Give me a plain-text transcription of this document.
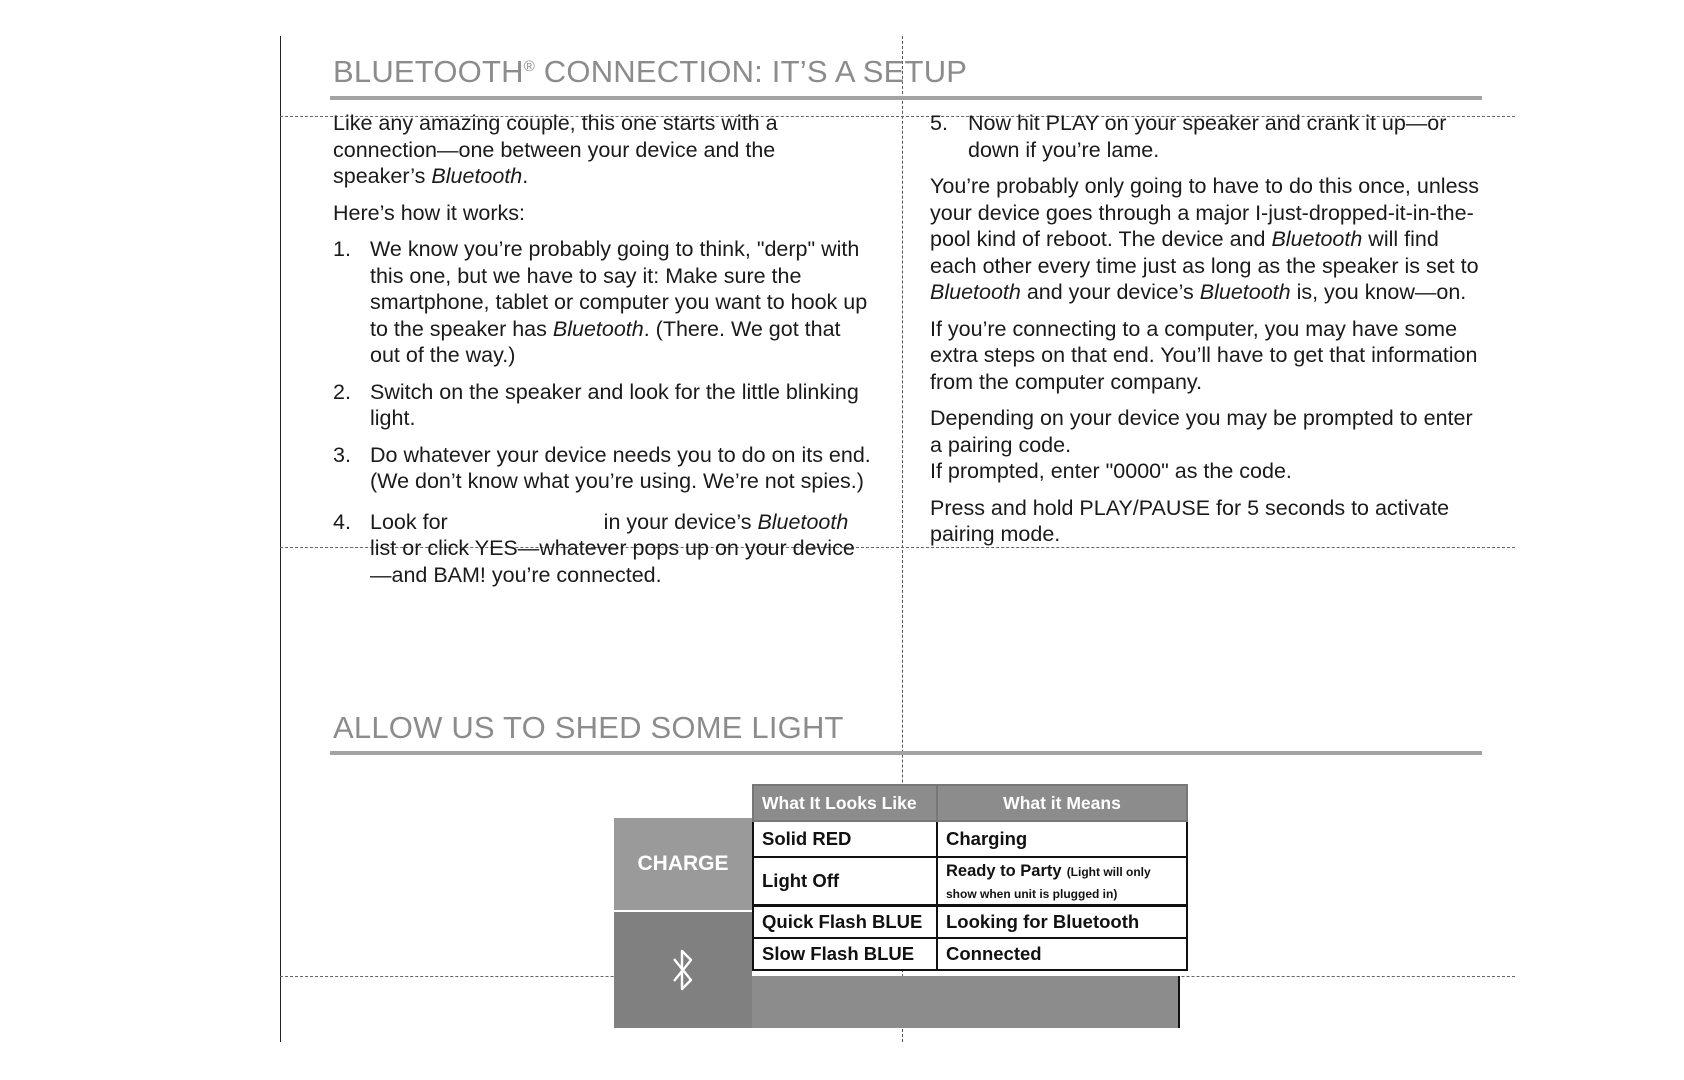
BLUETOOTH® CONNECTION: IT’S A SETUP

Like any amazing couple, this one starts with a connection—one between your device and the speaker’s Bluetooth.

Here’s how it works:

1. We know you’re probably going to think, "derp" with this one, but we have to say it: Make sure the smartphone, tablet or computer you want to hook up to the speaker has Bluetooth. (There. We got that out of the way.)
2. Switch on the speaker and look for the little blinking light.
3. Do whatever your device needs you to do on its end. (We don’t know what you’re using. We’re not spies.)
4. Look for	in your device’s Bluetooth list or click YES—whatever pops up on your device—and BAM! you’re connected.
5. Now hit PLAY on your speaker and crank it up—or down if you’re lame.

You’re probably only going to have to do this once, unless your device goes through a major I-just-dropped-it-in-the-pool kind of reboot. The device and Bluetooth will find each other every time just as long as the speaker is set to Bluetooth and your device’s Bluetooth is, you know—on.

If you’re connecting to a computer, you may have some extra steps on that end. You’ll have to get that information from the computer company.

Depending on your device you may be prompted to enter a pairing code.
If prompted, enter "0000" as the code.

Press and hold PLAY/PAUSE for 5 seconds to activate pairing mode.

ALLOW US TO SHED SOME LIGHT
CHARGE
What It Looks Like	What it Means
Solid RED	Charging
Light Off	Ready to Party (Light will only show when unit is plugged in)
Quick Flash BLUE	Looking for Bluetooth
Slow Flash BLUE	Connected
